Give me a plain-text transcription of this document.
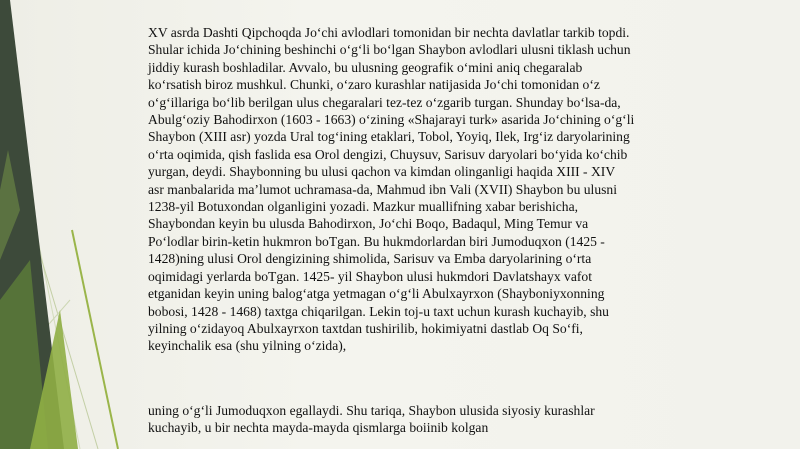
XV asrda Dashti Qipchoqda Jo‘chi avlodlari tomonidan bir nechta davlatlar tarkib topdi.
Shular ichida Jo‘chining beshinchi o‘g‘li bo‘lgan Shaybon avlodlari ulusni tiklash uchun
jiddiy kurash boshladilar. Avvalo, bu ulusning geografik o‘mini aniq chegaralab
ko‘rsatish biroz mushkul. Chunki, o‘zaro kurashlar natijasida Jo‘chi tomonidan o‘z
o‘g‘illariga bo‘lib berilgan ulus chegaralari tez-tez o‘zgarib turgan. Shunday bo‘lsa-da,
Abulg‘oziy Bahodirxon (1603 - 1663) o‘zining «Shajarayi turk» asarida Jo‘chining o‘g‘li
Shaybon (XIII asr) yozda Ural tog‘ining etaklari, Tobol, Yoyiq, Ilek, Irg‘iz daryolarining
o‘rta oqimida, qish faslida esa Orol dengizi, Chuysuv, Sarisuv daryolari bo‘yida ko‘chib
yurgan, deydi. Shaybonning bu ulusi qachon va kimdan olinganligi haqida XIII - XIV
asr manbalarida ma’lumot uchramasa-da, Mahmud ibn Vali (XVII) Shaybon bu ulusni
1238-yil Botuxondan olganligini yozadi. Mazkur muallifning xabar berishicha,
Shaybondan keyin bu ulusda Bahodirxon, Jo‘chi Boqo, Badaqul, Ming Temur va
Po‘lodlar birin-ketin hukmron boTgan. Bu hukmdorlardan biri Jumoduqxon (1425 -
1428)ning ulusi Orol dengizining shimolida, Sarisuv va Emba daryolarining o‘rta
oqimidagi yerlarda boTgan. 1425- yil Shaybon ulusi hukmdori Davlatshayx vafot
etganidan keyin uning balog‘atga yetmagan o‘g‘li Abulxayrxon (Shayboniyxonning
bobosi, 1428 - 1468) taxtga chiqarilgan. Lekin toj-u taxt uchun kurash kuchayib, shu
yilning o‘zidayoq Abulxayrxon taxtdan tushirilib, hokimiyatni dastlab Oq So‘fi,
keyinchalik esa (shu yilning o‘zida),
uning o‘g‘li Jumoduqxon egallaydi. Shu tariqa, Shaybon ulusida siyosiy kurashlar
kuchayib, u bir nechta mayda-mayda qismlarga boiinib kolgan
